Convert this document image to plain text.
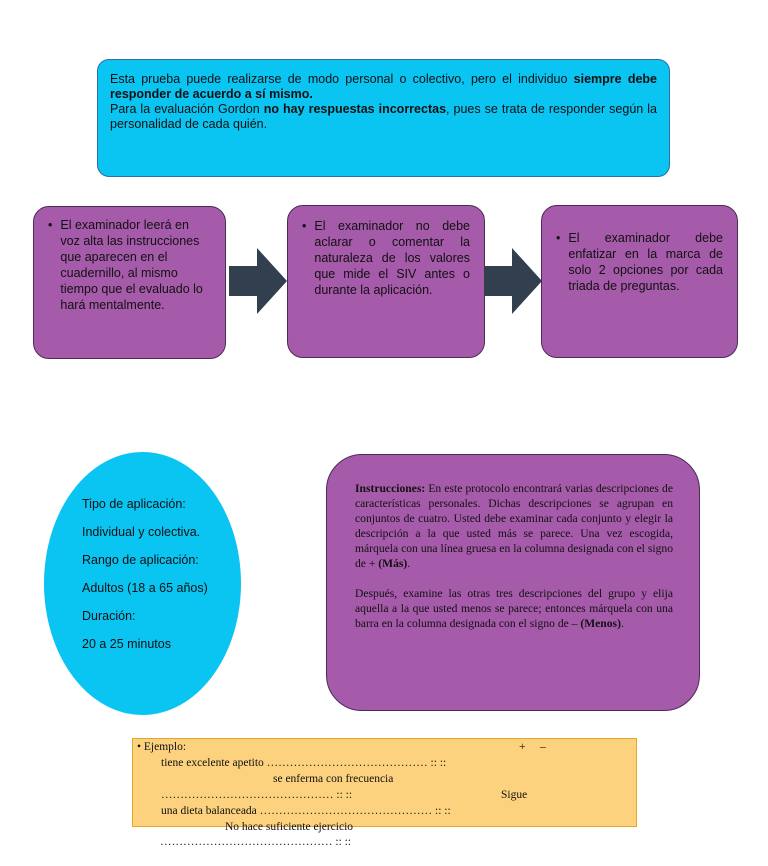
Esta prueba puede realizarse de modo personal o colectivo, pero el individuo siempre debe responder de acuerdo a sí mismo.

Para la evaluación Gordon no hay respuestas incorrectas, pues se trata de responder según la personalidad de cada quién.

• El examinador leerá en voz alta las instrucciones que aparecen en el cuadernillo, al mismo tiempo que el evaluado lo hará mentalmente.
• El examinador no debe aclarar o comentar la naturaleza de los valores que mide el SIV antes o durante la aplicación.
• El examinador debe enfatizar en la marca de solo 2 opciones por cada triada de preguntas.
Tipo de aplicación:
Individual y colectiva.
Rango de aplicación:
Adultos (18 a 65 años)
Duración:
20 a 25 minutos

Instrucciones: En este protocolo encontrará varias descripciones de características personales. Dichas descripciones se agrupan en conjuntos de cuatro. Usted debe examinar cada conjunto y elegir la descripción a la que usted más se parece. Una vez escogida, márquela con una línea gruesa en la columna designada con el signo de + (Más).

Después, examine las otras tres descripciones del grupo y elija aquella a la que usted menos se parece; entonces márquela con una barra en la columna designada con el signo de – (Menos).

• Ejemplo:	+ –
tiene excelente apetito …………………………………… :: ::
se enferma con frecuencia
……………………………………… :: ::	Sigue
una dieta balanceada ……………………………………… :: ::
No hace suficiente ejercicio
……………………………………… :: ::
